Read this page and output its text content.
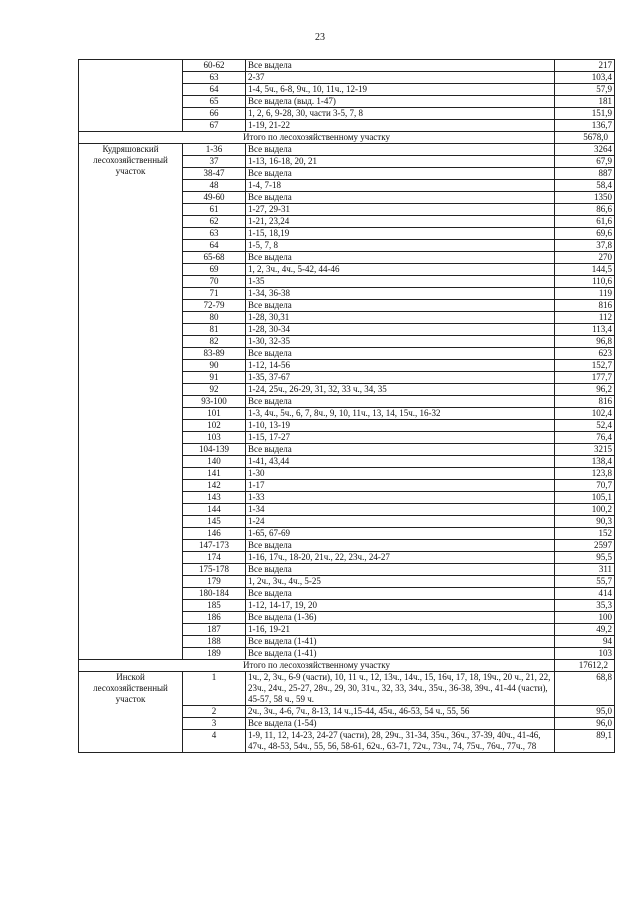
23
	60-62	Все выдела	217
	63	2-37	103,4
	64	1-4, 5ч., 6-8, 9ч., 10, 11ч., 12-19	57,9
	65	Все выдела (выд. 1-47)	181
	66	1, 2, 6, 9-28, 30, части 3-5, 7, 8	151,9
	67	1-19, 21-22	136,7
Итого по лесохозяйственному участку			5678,0
Кудряшовский лесохозяйственный участок	1-36	Все выдела	3264
	37	1-13, 16-18, 20, 21	67,9
	38-47	Все выдела	887
	48	1-4, 7-18	58,4
	49-60	Все выдела	1350
	61	1-27, 29-31	86,6
	62	1-21, 23,24	61,6
	63	1-15, 18,19	69,6
	64	1-5, 7, 8	37,8
	65-68	Все выдела	270
	69	1, 2, 3ч., 4ч., 5-42, 44-46	144,5
	70	1-35	110,6
	71	1-34, 36-38	119
	72-79	Все выдела	816
	80	1-28, 30,31	112
	81	1-28, 30-34	113,4
	82	1-30, 32-35	96,8
	83-89	Все выдела	623
	90	1-12, 14-56	152,7
	91	1-35, 37-67	177,7
	92	1-24, 25ч., 26-29, 31, 32, 33 ч., 34, 35	96,2
	93-100	Все выдела	816
	101	1-3, 4ч., 5ч., 6, 7, 8ч., 9, 10, 11ч., 13, 14, 15ч., 16-32	102,4
	102	1-10, 13-19	52,4
	103	1-15, 17-27	76,4
	104-139	Все выдела	3215
	140	1-41, 43,44	138,4
	141	1-30	123,8
	142	1-17	70,7
	143	1-33	105,1
	144	1-34	100,2
	145	1-24	90,3
	146	1-65, 67-69	152
	147-173	Все выдела	2597
	174	1-16, 17ч., 18-20, 21ч., 22, 23ч., 24-27	95,5
	175-178	Все выдела	311
	179	1, 2ч., 3ч., 4ч., 5-25	55,7
	180-184	Все выдела	414
	185	1-12, 14-17, 19, 20	35,3
	186	Все выдела (1-36)	100
	187	1-16, 19-21	49,2
	188	Все выдела (1-41)	94
	189	Все выдела (1-41)	103
Итого по лесохозяйственному участку			17612,2
Инской лесохозяйственный участок	1	1ч., 2, 3ч., 6-9 (части), 10, 11 ч., 12, 13ч., 14ч., 15, 16ч, 17, 18, 19ч., 20 ч., 21, 22, 23ч., 24ч., 25-27, 28ч., 29, 30, 31ч., 32, 33, 34ч., 35ч., 36-38, 39ч., 41-44 (части), 45-57, 58 ч., 59 ч.	68,8
	2	2ч., 3ч., 4-6, 7ч., 8-13, 14 ч.,15-44, 45ч., 46-53, 54 ч., 55, 56	95,0
	3	Все выдела (1-54)	96,0
	4	1-9, 11, 12, 14-23, 24-27 (части), 28, 29ч., 31-34, 35ч., 36ч., 37-39, 40ч., 41-46, 47ч., 48-53, 54ч., 55, 56, 58-61, 62ч., 63-71, 72ч., 73ч., 74, 75ч., 76ч., 77ч., 78	89,1
